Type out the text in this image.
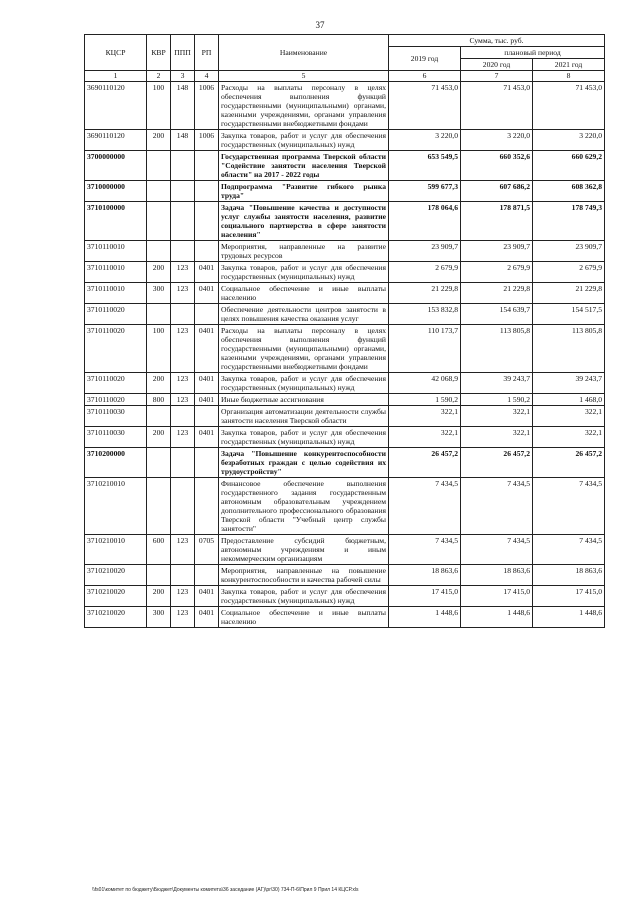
37
КЦСР	КВР	ППП	РП	Наименование	Сумма, тыс. руб.		
					2019 год	плановый период	
						2020 год	2021 год
1	2	3	4	5	6	7	8
3690110120	100	148	1006	Расходы на выплаты персоналу в целях обеспечения выполнения функций государственными (муниципальными) органами, казенными учреждениями, органами управления государственными внебюджетными фондами	71 453,0	71 453,0	71 453,0
3690110120	200	148	1006	Закупка товаров, работ и услуг для обеспечения государственных (муниципальных) нужд	3 220,0	3 220,0	3 220,0
3700000000				Государственная программа Тверской области "Содействие занятости населения Тверской области" на 2017 - 2022 годы	653 549,5	660 352,6	660 629,2
3710000000				Подпрограмма "Развитие гибкого рынка труда"	599 677,3	607 686,2	608 362,8
3710100000				Задача "Повышение качества и доступности услуг службы занятости населения, развитие социального партнерства в сфере занятости населения"	178 064,6	178 871,5	178 749,3
3710110010				Мероприятия, направленные на развитие трудовых ресурсов	23 909,7	23 909,7	23 909,7
3710110010	200	123	0401	Закупка товаров, работ и услуг для обеспечения государственных (муниципальных) нужд	2 679,9	2 679,9	2 679,9
3710110010	300	123	0401	Социальное обеспечение и иные выплаты населению	21 229,8	21 229,8	21 229,8
3710110020				Обеспечение деятельности центров занятости в целях повышения качества оказания услуг	153 832,8	154 639,7	154 517,5
3710110020	100	123	0401	Расходы на выплаты персоналу в целях обеспечения выполнения функций государственными (муниципальными) органами, казенными учреждениями, органами управления государственными внебюджетными фондами	110 173,7	113 805,8	113 805,8
3710110020	200	123	0401	Закупка товаров, работ и услуг для обеспечения государственных (муниципальных) нужд	42 068,9	39 243,7	39 243,7
3710110020	800	123	0401	Иные бюджетные ассигнования	1 590,2	1 590,2	1 468,0
3710110030				Организация автоматизации деятельности службы занятости населения Тверской области	322,1	322,1	322,1
3710110030	200	123	0401	Закупка товаров, работ и услуг для обеспечения государственных (муниципальных) нужд	322,1	322,1	322,1
3710200000				Задача "Повышение конкурентоспособности безработных граждан с целью содействия их трудоустройству"	26 457,2	26 457,2	26 457,2
3710210010				Финансовое обеспечение выполнения государственного задания государственным автономным образовательным учреждением дополнительного профессионального образования Тверской области "Учебный центр службы занятости"	7 434,5	7 434,5	7 434,5
3710210010	600	123	0705	Предоставление субсидий бюджетным, автономным учреждениям и иным некоммерческим организациям	7 434,5	7 434,5	7 434,5
3710210020				Мероприятия, направленные на повышение конкурентоспособности и качества рабочей силы	18 863,6	18 863,6	18 863,6
3710210020	200	123	0401	Закупка товаров, работ и услуг для обеспечения государственных (муниципальных) нужд	17 415,0	17 415,0	17 415,0
3710210020	300	123	0401	Социальное обеспечение и иные выплаты населению	1 448,6	1 448,6	1 448,6
\\fs01\комитет по бюджету\Бюджет\Документы комитета\36 заседание (АГ)\pr\30) 734-П-6\Прил 9 Прил 14 КЦСР.xls
